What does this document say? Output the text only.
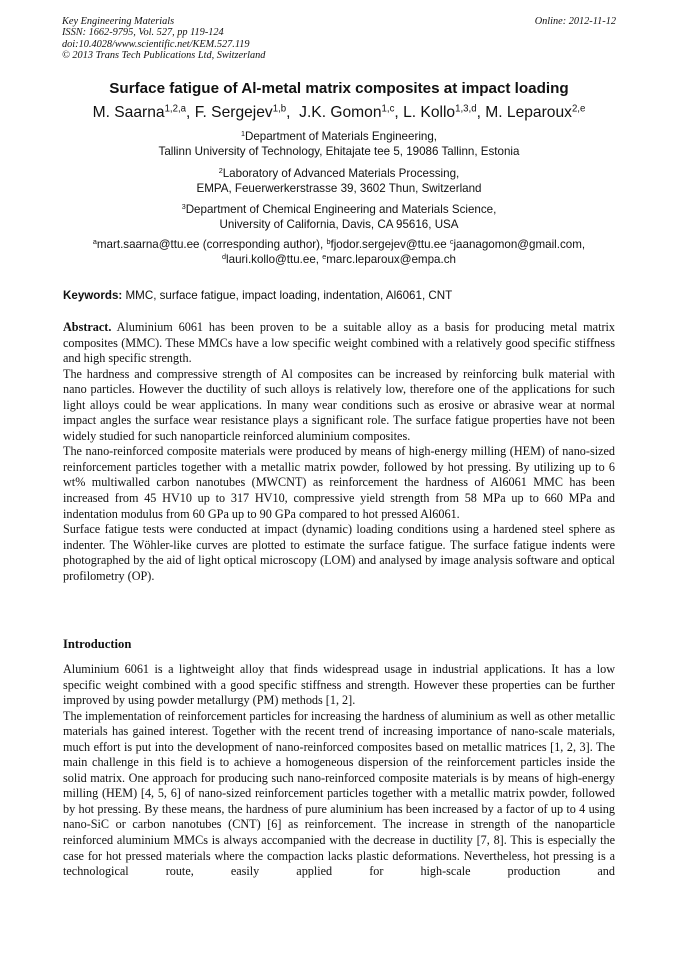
Key Engineering Materials
ISSN: 1662-9795, Vol. 527, pp 119-124
doi:10.4028/www.scientific.net/KEM.527.119
© 2013 Trans Tech Publications Ltd, Switzerland
Online: 2012-11-12
Surface fatigue of Al-metal matrix composites at impact loading
M. Saarna$^{1,2,a}$, F. Sergejev$^{1,b}$,  J.K. Gomon$^{1,c}$, L. Kollo$^{1,3,d}$, M. Leparoux$^{2,e}$
$^1$Department of Materials Engineering,
Tallinn University of Technology, Ehitajate tee 5, 19086 Tallinn, Estonia
$^2$Laboratory of Advanced Materials Processing,
EMPA, Feuerwerkerstrasse 39, 3602 Thun, Switzerland
$^3$Department of Chemical Engineering and Materials Science,
University of California, Davis, CA 95616, USA
$^a$mart.saarna@ttu.ee (corresponding author), $^b$fjodor.sergejev@ttu.ee $^c$jaanagomon@gmail.com,
$^d$lauri.kollo@ttu.ee, $^e$marc.leparoux@empa.ch
Keywords: MMC, surface fatigue, impact loading, indentation, Al6061, CNT

Abstract. Aluminium 6061 has been proven to be a suitable alloy as a basis for producing metal matrix composites (MMC). These MMCs have a low specific weight combined with a relatively good specific stiffness and high specific strength.

The hardness and compressive strength of Al composites can be increased by reinforcing bulk material with nano particles. However the ductility of such alloys is relatively low, therefore one of the applications for such light alloys could be wear applications. In many wear conditions such as erosive or abrasive wear at normal impact angles the surface wear resistance plays a significant role. The surface fatigue properties have not been widely studied for such nanoparticle reinforced aluminium composites.

The nano-reinforced composite materials were produced by means of high-energy milling (HEM) of nano-sized reinforcement particles together with a metallic matrix powder, followed by hot pressing. By utilizing up to 6 wt% multiwalled carbon nanotubes (MWCNT) as reinforcement the hardness of Al6061 MMC has been increased from 45 HV10 up to 317 HV10, compressive yield strength from 58 MPa up to 660 MPa and indentation modulus from 60 GPa up to 90 GPa compared to hot pressed Al6061.

Surface fatigue tests were conducted at impact (dynamic) loading conditions using a hardened steel sphere as indenter. The Wöhler-like curves are plotted to estimate the surface fatigue. The surface fatigue indents were photographed by the aid of light optical microscopy (LOM) and analysed by image analysis software and optical profilometry (OP).

Introduction

Aluminium 6061 is a lightweight alloy that finds widespread usage in industrial applications. It has a low specific weight combined with a good specific stiffness and strength. However these properties can be further improved by using powder metallurgy (PM) methods [1, 2].

The implementation of reinforcement particles for increasing the hardness of aluminium as well as other metallic materials has gained interest. Together with the recent trend of increasing importance of nano-scale materials, much effort is put into the development of nano-reinforced composites based on metallic matrices [1, 2, 3]. The main challenge in this field is to achieve a homogeneous dispersion of the reinforcement particles inside the solid matrix. One approach for producing such nano-reinforced composite materials is by means of high-energy milling (HEM) [4, 5, 6] of nano-sized reinforcement particles together with a metallic matrix powder, followed by hot pressing. By these means, the hardness of pure aluminium has been increased by a factor of up to 4 using nano-SiC or carbon nanotubes (CNT) [6] as reinforcement. The increase in strength of the nanoparticle reinforced aluminium MMCs is always accompanied with the decrease in ductility [7, 8]. This is especially the case for hot pressed materials where the compaction lacks plastic deformations. Nevertheless, hot pressing is a technological route, easily applied for high-scale production and
